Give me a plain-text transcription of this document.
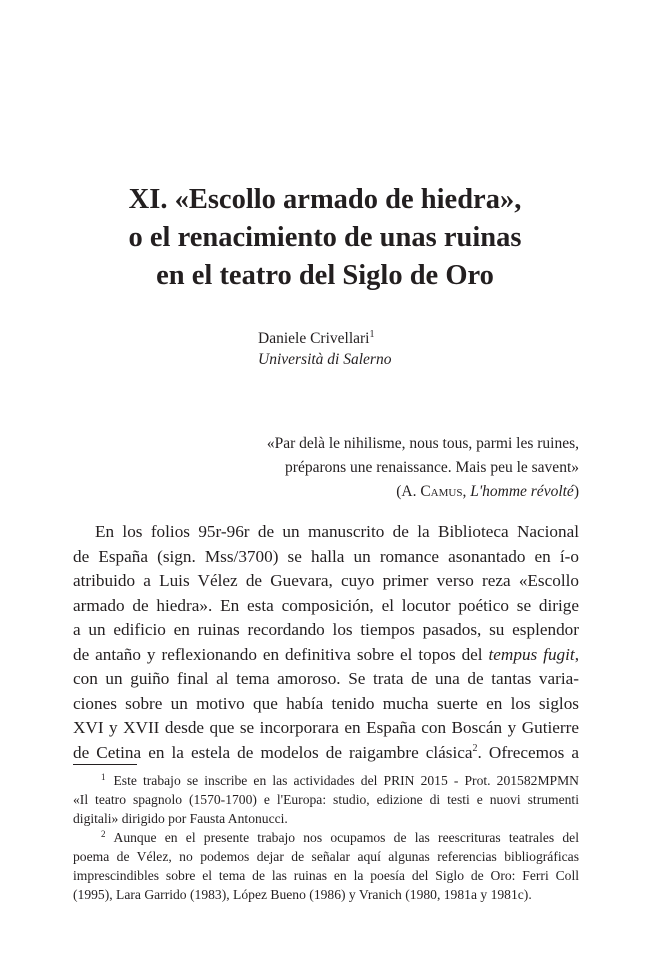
XI. «Escollo armado de hiedra»,
o el renacimiento de unas ruinas
en el teatro del Siglo de Oro
Daniele Crivellari$^1$
Università di Salerno
«Par delà le nihilisme, nous tous, parmi les ruines,
préparons une renaissance. Mais peu le savent»
(A. Camus, L'homme révolté)
En los folios 95r-96r de un manuscrito de la Biblioteca Nacional
de España (sign. Mss/3700) se halla un romance asonantado en í-o
atribuido a Luis Vélez de Guevara, cuyo primer verso reza «Escollo
armado de hiedra». En esta composición, el locutor poético se dirige
a un edificio en ruinas recordando los tiempos pasados, su esplendor
de antaño y reflexionando en definitiva sobre el topos del tempus fugit,
con un guiño final al tema amoroso. Se trata de una de tantas varia-
ciones sobre un motivo que había tenido mucha suerte en los siglos
XVI y XVII desde que se incorporara en España con Boscán y Gutierre
de Cetina en la estela de modelos de raigambre clásica$^2$. Ofrecemos a
$^1$ Este trabajo se inscribe en las actividades del PRIN 2015 - Prot. 201582MPMN
«Il teatro spagnolo (1570-1700) e l'Europa: studio, edizione di testi e nuovi strumenti
digitali» dirigido por Fausta Antonucci.
$^2$ Aunque en el presente trabajo nos ocupamos de las reescrituras teatrales del
poema de Vélez, no podemos dejar de señalar aquí algunas referencias bibliográficas
imprescindibles sobre el tema de las ruinas en la poesía del Siglo de Oro: Ferri Coll
(1995), Lara Garrido (1983), López Bueno (1986) y Vranich (1980, 1981a y 1981c).
